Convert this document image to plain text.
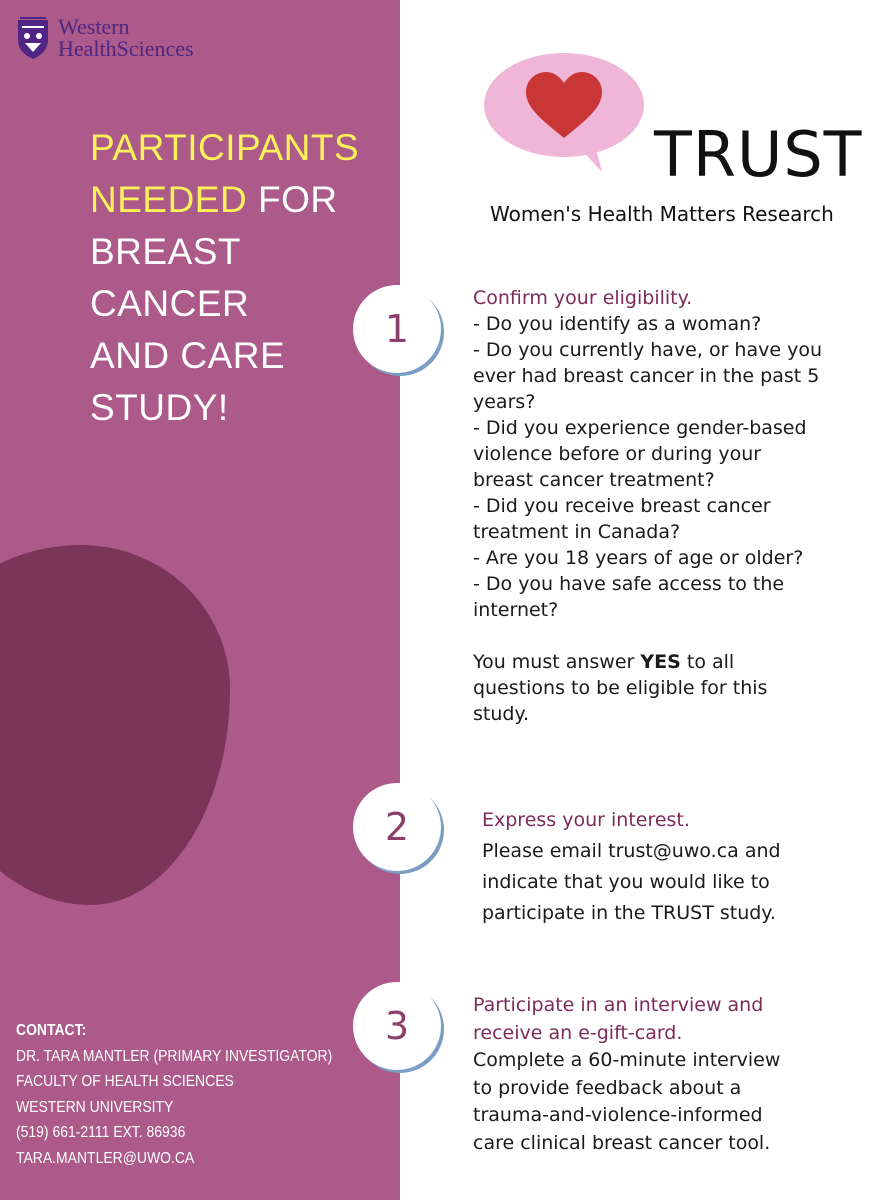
Western
HealthSciences
PARTICIPANTS
NEEDED FOR
BREAST
CANCER
AND CARE
STUDY!
CONTACT:
DR. TARA MANTLER (PRIMARY INVESTIGATOR)
FACULTY OF HEALTH SCIENCES
WESTERN UNIVERSITY
(519) 661-2111 EXT. 86936
TARA.MANTLER@UWO.CA
TRUST
Women's Health Matters Research
1
Confirm your eligibility.
- Do you identify as a woman?
- Do you currently have, or have you
ever had breast cancer in the past 5
years?
- Did you experience gender-based
violence before or during your
breast cancer treatment?
- Did you receive breast cancer
treatment in Canada?
- Are you 18 years of age or older?
- Do you have safe access to the
internet?
You must answer YES to all
questions to be eligible for this
study.
2	Express your interest.
Please email trust@uwo.ca and
indicate that you would like to
participate in the TRUST study.
3	Participate in an interview and
receive an e-gift-card.
Complete a 60-minute interview
to provide feedback about a
trauma-and-violence-informed
care clinical breast cancer tool.
